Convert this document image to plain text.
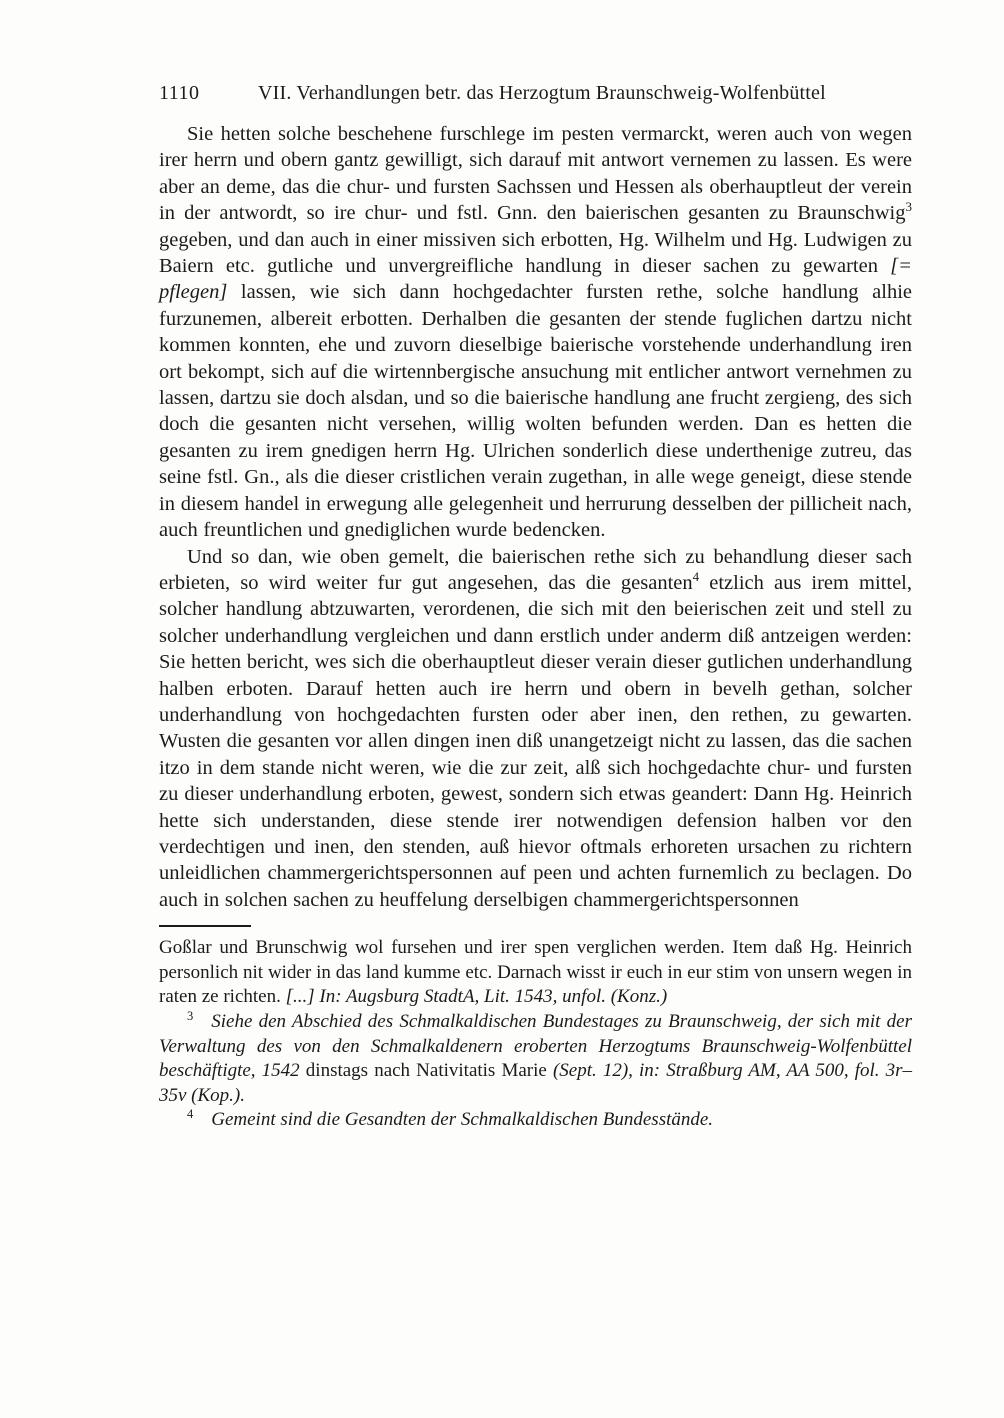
1110	VII. Verhandlungen betr. das Herzogtum Braunschweig-Wolfenbüttel

Sie hetten solche beschehene furschlege im pesten vermarckt, weren auch von wegen irer herrn und obern gantz gewilligt, sich darauf mit antwort vernemen zu lassen. Es were aber an deme, das die chur- und fursten Sachssen und Hessen als oberhauptleut der verein in der antwordt, so ire chur- und fstl. Gnn. den baierischen gesanten zu Braunschwig$^3$ gegeben, und dan auch in einer missiven sich erbotten, Hg. Wilhelm und Hg. Ludwigen zu Baiern etc. gutliche und unvergreifliche handlung in dieser sachen zu gewarten [= pflegen] lassen, wie sich dann hochgedachter fursten rethe, solche handlung alhie furzunemen, albereit erbotten. Derhalben die gesanten der stende fuglichen dartzu nicht kommen konnten, ehe und zuvorn dieselbige baierische vorstehende underhandlung iren ort bekompt, sich auf die wirtennbergische ansuchung mit entlicher antwort vernehmen zu lassen, dartzu sie doch alsdan, und so die baierische handlung ane frucht zergieng, des sich doch die gesanten nicht versehen, willig wolten befunden werden. Dan es hetten die gesanten zu irem gnedigen herrn Hg. Ulrichen sonderlich diese underthenige zutreu, das seine fstl. Gn., als die dieser cristlichen verain zugethan, in alle wege geneigt, diese stende in diesem handel in erwegung alle gelegenheit und herrurung desselben der pillicheit nach, auch freuntlichen und gnediglichen wurde bedencken.

Und so dan, wie oben gemelt, die baierischen rethe sich zu behandlung dieser sach erbieten, so wird weiter fur gut angesehen, das die gesanten$^4$ etzlich aus irem mittel, solcher handlung abtzuwarten, verordenen, die sich mit den beierischen zeit und stell zu solcher underhandlung vergleichen und dann erstlich under anderm diß antzeigen werden: Sie hetten bericht, wes sich die oberhauptleut dieser verain dieser gutlichen underhandlung halben erboten. Darauf hetten auch ire herrn und obern in bevelh gethan, solcher underhandlung von hochgedachten fursten oder aber inen, den rethen, zu gewarten. Wusten die gesanten vor allen dingen inen diß unangetzeigt nicht zu lassen, das die sachen itzo in dem stande nicht weren, wie die zur zeit, alß sich hochgedachte chur- und fursten zu dieser underhandlung erboten, gewest, sondern sich etwas geandert: Dann Hg. Heinrich hette sich understanden, diese stende irer notwendigen defension halben vor den verdechtigen und inen, den stenden, auß hievor oftmals erhoreten ursachen zu richtern unleidlichen chammergerichtspersonnen auf peen und achten furnemlich zu beclagen. Do auch in solchen sachen zu heuffelung derselbigen chammergerichtspersonnen

Goßlar und Brunschwig wol fursehen und irer spen verglichen werden. Item daß Hg. Heinrich personlich nit wider in das land kumme etc. Darnach wisst ir euch in eur stim von unsern wegen in raten ze richten. [...] In: Augsburg StadtA, Lit. 1543, unfol. (Konz.)

$^3$ Siehe den Abschied des Schmalkaldischen Bundestages zu Braunschweig, der sich mit der Verwaltung des von den Schmalkaldenern eroberten Herzogtums Braunschweig-Wolfenbüttel beschäftigte, 1542 dinstags nach Nativitatis Marie (Sept. 12), in: Straßburg AM, AA 500, fol. 3r–35v (Kop.).

$^4$ Gemeint sind die Gesandten der Schmalkaldischen Bundesstände.
